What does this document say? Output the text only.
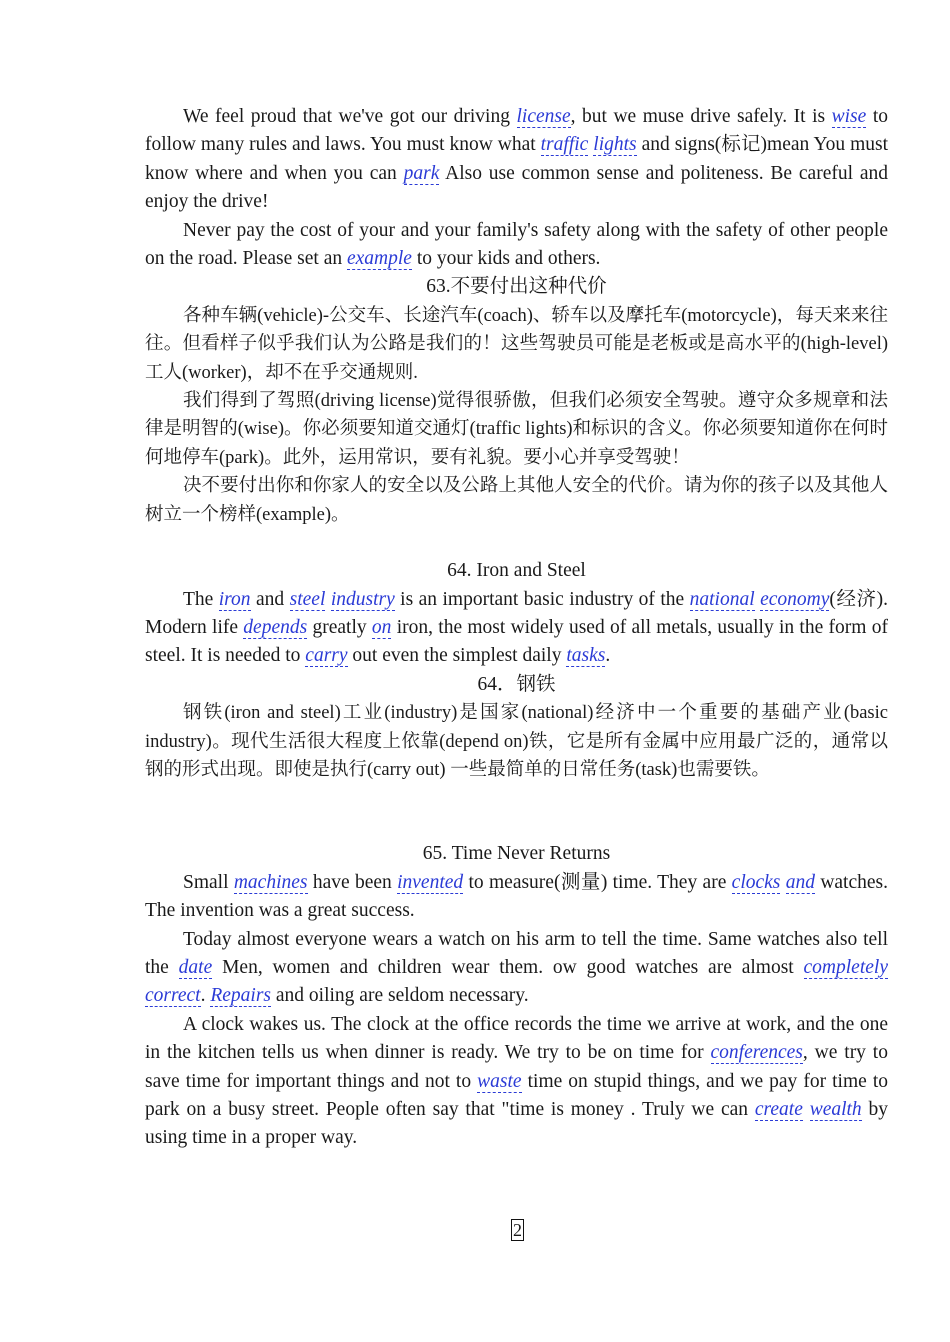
We feel proud that we've got our driving license, but we muse drive safely. It is wise to follow many rules and laws. You must know what traffic lights and signs(标记)mean You must know where and when you can park Also use common sense and politeness. Be careful and enjoy the drive!

Never pay the cost of your and your family's safety along with the safety of other people on the road. Please set an example to your kids and others.

63.不要付出这种代价

各种车辆(vehicle)-公交车、长途汽车(coach)、轿车以及摩托车(motorcycle)，每天来来往往。但看样子似乎我们认为公路是我们的！这些驾驶员可能是老板或是高水平的(high-level)工人(worker)，却不在乎交通规则.

我们得到了驾照(driving license)觉得很骄傲，但我们必须安全驾驶。遵守众多规章和法律是明智的(wise)。你必须要知道交通灯(traffic lights)和标识的含义。你必须要知道你在何时何地停车(park)。此外，运用常识，要有礼貌。要小心并享受驾驶！

决不要付出你和你家人的安全以及公路上其他人安全的代价。请为你的孩子以及其他人树立一个榜样(example)。

64. Iron and Steel

The iron and steel industry is an important basic industry of the national economy(经济). Modern life depends greatly on iron, the most widely used of all metals, usually in the form of steel. It is needed to carry out even the simplest daily tasks.

64．钢铁

钢铁(iron and steel)工业(industry)是国家(national)经济中一个重要的基础产业(basic industry)。现代生活很大程度上依靠(depend on)铁，它是所有金属中应用最广泛的，通常以钢的形式出现。即使是执行(carry out) 一些最简单的日常任务(task)也需要铁。

65. Time Never Returns

Small machines have been invented to measure(测量) time. They are clocks and watches. The invention was a great success.

Today almost everyone wears a watch on his arm to tell the time. Same watches also tell the date Men, women and children wear them. ow good watches are almost completely correct. Repairs and oiling are seldom necessary.

A clock wakes us. The clock at the office records the time we arrive at work, and the one in the kitchen tells us when dinner is ready. We try to be on time for conferences, we try to save time for important things and not to waste time on stupid things, and we pay for time to park on a busy street. People often say that "time is money . Truly we can create wealth by using time in a proper way.

2
